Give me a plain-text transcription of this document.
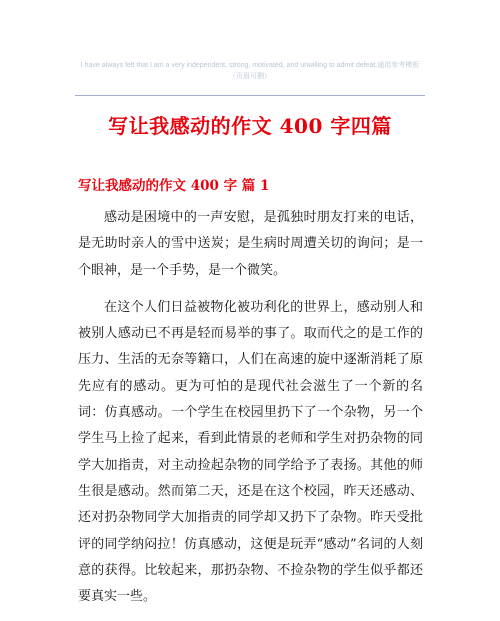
I have always felt that I am a very independent, strong, motivated, and unwilling to admit defeat.通用参考模板
（页眉可删）
写让我感动的作文 400 字四篇
写让我感动的作文 400 字 篇 1

感动是困境中的一声安慰，是孤独时朋友打来的电话，是无助时亲人的雪中送炭；是生病时周遭关切的询问；是一个眼神，是一个手势，是一个微笑。

在这个人们日益被物化被功利化的世界上，感动别人和被别人感动已不再是轻而易举的事了。取而代之的是工作的压力、生活的无奈等籍口，人们在高速的旋中逐渐消耗了原先应有的感动。更为可怕的是现代社会滋生了一个新的名词：仿真感动。一个学生在校园里扔下了一个杂物，另一个学生马上捡了起来，看到此情景的老师和学生对扔杂物的同学大加指责，对主动捡起杂物的同学给予了表扬。其他的师生很是感动。然而第二天，还是在这个校园，昨天还感动、还对扔杂物同学大加指责的同学却又扔下了杂物。昨天受批评的同学纳闷拉！仿真感动，这便是玩弄“感动”名词的人刻意的获得。比较起来，那扔杂物、不捡杂物的学生似乎都还要真实一些。
